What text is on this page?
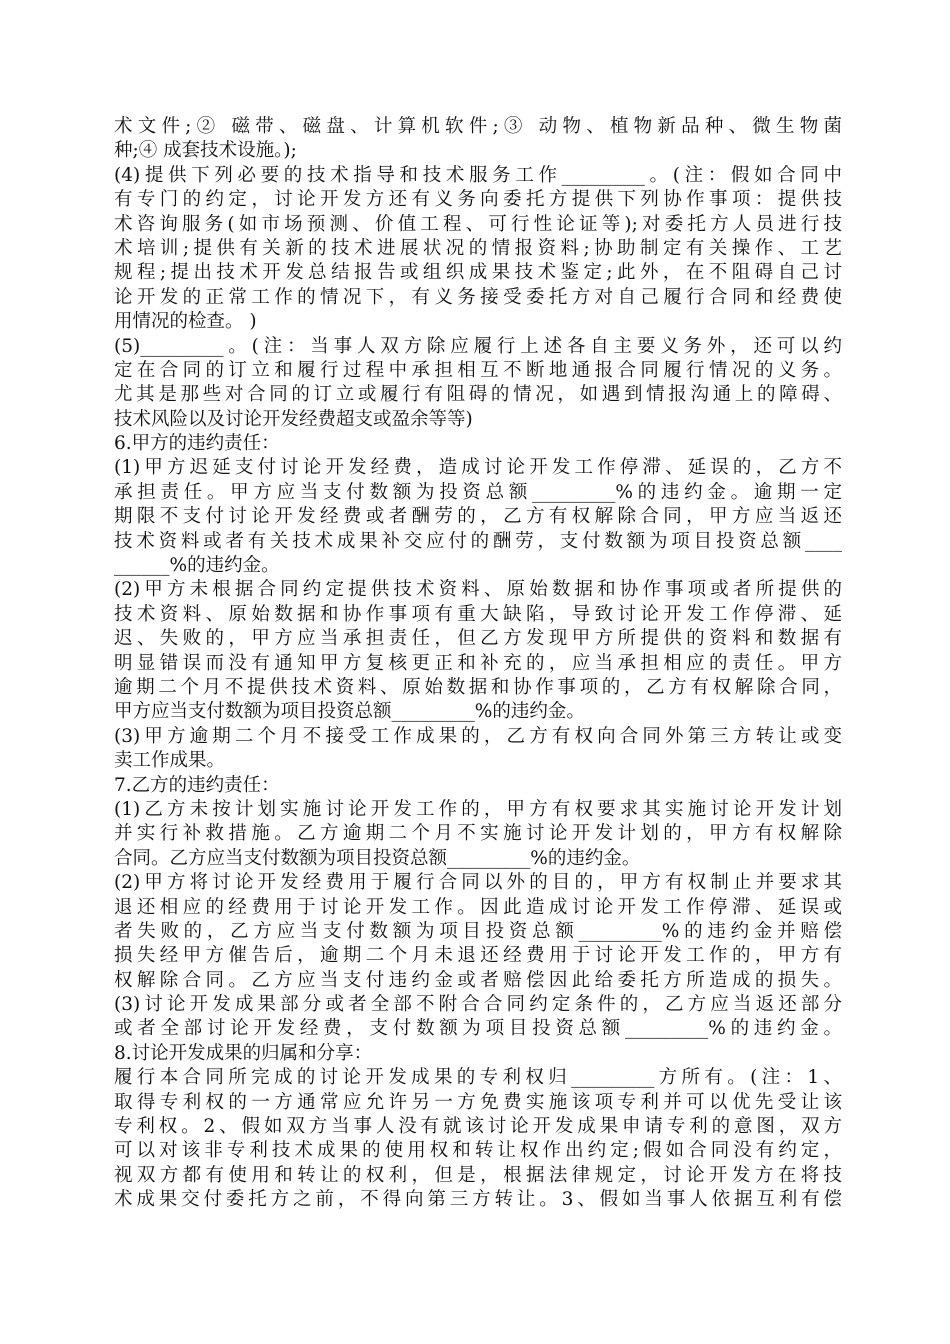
术文件;② 磁带、磁盘、计算机软件;③ 动物、植物新品种、微生物菌
种;④ 成套技术设施。);
(4)提供下列必要的技术指导和技术服务工作_________。(注：假如合同中
有专门的约定，讨论开发方还有义务向委托方提供下列协作事项：提供技
术咨询服务(如市场预测、价值工程、可行性论证等);对委托方人员进行技
术培训;提供有关新的技术进展状况的情报资料;协助制定有关操作、工艺
规程;提出技术开发总结报告或组织成果技术鉴定;此外，在不阻碍自己讨
论开发的正常工作的情况下，有义务接受委托方对自己履行合同和经费使
用情况的检查。 )
(5)_________。(注：当事人双方除应履行上述各自主要义务外，还可以约
定在合同的订立和履行过程中承担相互不断地通报合同履行情况的义务。
尤其是那些对合同的订立或履行有阻碍的情况，如遇到情报沟通上的障碍、
技术风险以及讨论开发经费超支或盈余等等)
6.甲方的违约责任：
(1)甲方迟延支付讨论开发经费，造成讨论开发工作停滞、延误的，乙方不
承担责任。甲方应当支付数额为投资总额_________%的违约金。逾期一定
期限不支付讨论开发经费或者酬劳的，乙方有权解除合同，甲方应当返还
技术资料或者有关技术成果补交应付的酬劳，支付数额为项目投资总额____
______%的违约金。
(2)甲方未根据合同约定提供技术资料、原始数据和协作事项或者所提供的
技术资料、原始数据和协作事项有重大缺陷，导致讨论开发工作停滞、延
迟、失败的，甲方应当承担责任，但乙方发现甲方所提供的资料和数据有
明显错误而没有通知甲方复核更正和补充的，应当承担相应的责任。甲方
逾期二个月不提供技术资料、原始数据和协作事项的，乙方有权解除合同，
甲方应当支付数额为项目投资总额_________%的违约金。
(3)甲方逾期二个月不接受工作成果的，乙方有权向合同外第三方转让或变
卖工作成果。
7.乙方的违约责任：
(1)乙方未按计划实施讨论开发工作的，甲方有权要求其实施讨论开发计划
并实行补救措施。乙方逾期二个月不实施讨论开发计划的，甲方有权解除
合同。乙方应当支付数额为项目投资总额_________%的违约金。
(2)甲方将讨论开发经费用于履行合同以外的目的，甲方有权制止并要求其
退还相应的经费用于讨论开发工作。因此造成讨论开发工作停滞、延误或
者失败的，乙方应当支付数额为项目投资总额_________%的违约金并赔偿
损失经甲方催告后，逾期二个月未退还经费用于讨论开发工作的，甲方有
权解除合同。乙方应当支付违约金或者赔偿因此给委托方所造成的损失。
(3)讨论开发成果部分或者全部不附合合同约定条件的，乙方应当返还部分
或者全部讨论开发经费，支付数额为项目投资总额_________%的违约金。
8.讨论开发成果的归属和分享：
履行本合同所完成的讨论开发成果的专利权归_________方所有。(注：1、
取得专利权的一方通常应允许另一方免费实施该项专利并可以优先受让该
专利权。2、假如双方当事人没有就该讨论开发成果申请专利的意图，双方
可以对该非专利技术成果的使用权和转让权作出约定;假如合同没有约定，
视双方都有使用和转让的权利，但是，根据法律规定，讨论开发方在将技
术成果交付委托方之前，不得向第三方转让。3、假如当事人依据互利有偿
